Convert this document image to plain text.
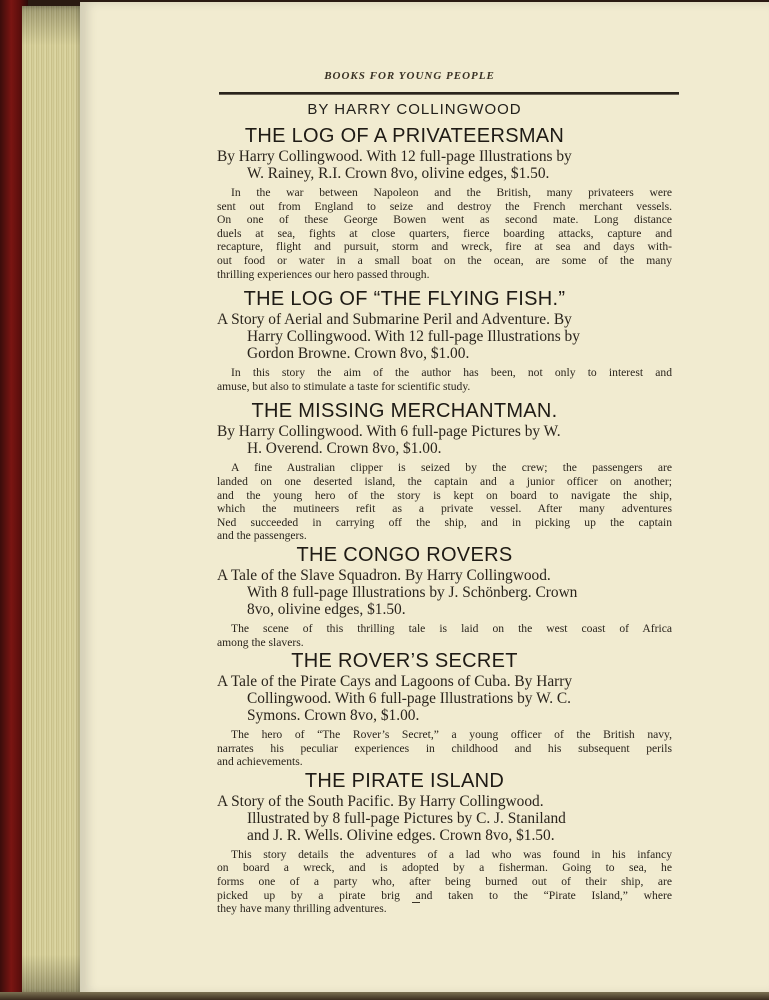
BOOKS FOR YOUNG PEOPLE
BY HARRY COLLINGWOOD
THE LOG OF A PRIVATEERSMAN
By Harry Collingwood. With 12 full-page Illustrations by
W. Rainey, R.I. Crown 8vo, olivine edges, $1.50.
In the war between Napoleon and the British, many privateers were
sent out from England to seize and destroy the French merchant vessels.
On one of these George Bowen went as second mate. Long distance
duels at sea, fights at close quarters, fierce boarding attacks, capture and
recapture, flight and pursuit, storm and wreck, fire at sea and days with-
out food or water in a small boat on the ocean, are some of the many
thrilling experiences our hero passed through.
THE LOG OF “THE FLYING FISH.”
A Story of Aerial and Submarine Peril and Adventure. By
Harry Collingwood. With 12 full-page Illustrations by
Gordon Browne. Crown 8vo, $1.00.
In this story the aim of the author has been, not only to interest and
amuse, but also to stimulate a taste for scientific study.
THE MISSING MERCHANTMAN.
By Harry Collingwood. With 6 full-page Pictures by W.
H. Overend. Crown 8vo, $1.00.
A fine Australian clipper is seized by the crew; the passengers are
landed on one deserted island, the captain and a junior officer on another;
and the young hero of the story is kept on board to navigate the ship,
which the mutineers refit as a private vessel. After many adventures
Ned succeeded in carrying off the ship, and in picking up the captain
and the passengers.
THE CONGO ROVERS
A Tale of the Slave Squadron. By Harry Collingwood.
With 8 full-page Illustrations by J. Schönberg. Crown
8vo, olivine edges, $1.50.
The scene of this thrilling tale is laid on the west coast of Africa
among the slavers.
THE ROVER’S SECRET
A Tale of the Pirate Cays and Lagoons of Cuba. By Harry
Collingwood. With 6 full-page Illustrations by W. C.
Symons. Crown 8vo, $1.00.
The hero of “The Rover’s Secret,” a young officer of the British navy,
narrates his peculiar experiences in childhood and his subsequent perils
and achievements.
THE PIRATE ISLAND
A Story of the South Pacific. By Harry Collingwood.
Illustrated by 8 full-page Pictures by C. J. Staniland
and J. R. Wells. Olivine edges. Crown 8vo, $1.50.
This story details the adventures of a lad who was found in his infancy
on board a wreck, and is adopted by a fisherman. Going to sea, he
forms one of a party who, after being burned out of their ship, are
picked up by a pirate brig and taken to the “Pirate Island,” where
they have many thrilling adventures.
